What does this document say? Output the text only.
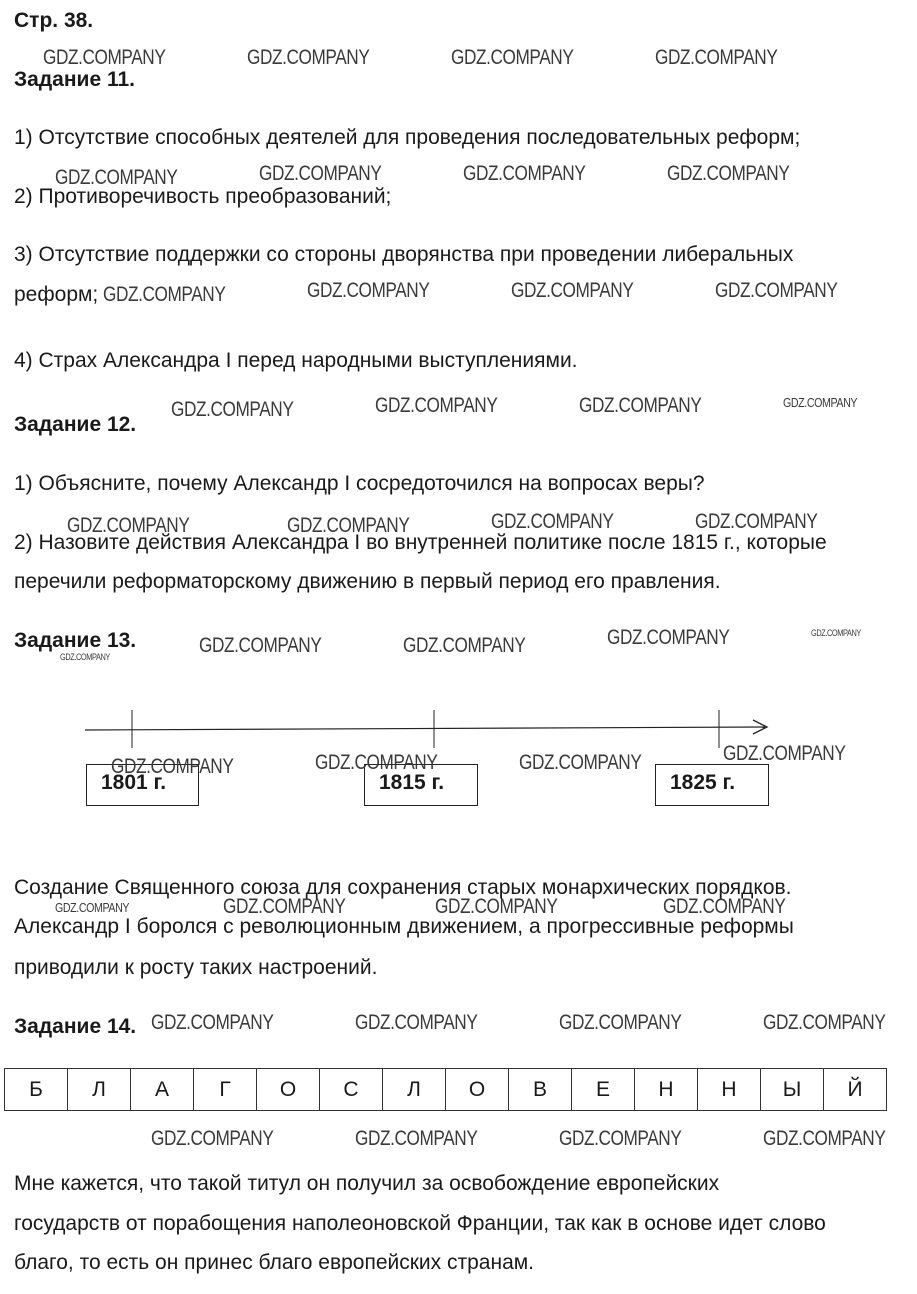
Стр. 38.
Задание 11.
1) Отсутствие способных деятелей для проведения последовательных реформ;
2) Противоречивость преобразований;
3) Отсутствие поддержки со стороны дворянства при проведении либеральных
реформ;
4) Страх Александра I перед народными выступлениями.
Задание 12.
1) Объясните, почему Александр I сосредоточился на вопросах веры?
2) Назовите действия Александра I во внутренней политике после 1815 г., которые
перечили реформаторскому движению в первый период его правления.
Задание 13.
1801 г.	1815 г.	1825 г.
Создание Священного союза для сохранения старых монархических порядков.
Александр I боролся с революционным движением, а прогрессивные реформы
приводили к росту таких настроений.
Задание 14.
Б	Л	А	Г	О	С	Л	О	В	Е	Н	Н	Ы	Й
Мне кажется, что такой титул он получил за освобождение европейских
государств от порабощения наполеоновской Франции, так как в основе идет слово
благо, то есть он принес благо европейских странам.
GDZ.COMPANY	GDZ.COMPANY	GDZ.COMPANY	GDZ.COMPANY
GDZ.COMPANY	GDZ.COMPANY	GDZ.COMPANY	GDZ.COMPANY
GDZ.COMPANY	GDZ.COMPANY	GDZ.COMPANY	GDZ.COMPANY
GDZ.COMPANY	GDZ.COMPANY	GDZ.COMPANY	GDZ.COMPANY
GDZ.COMPANY	GDZ.COMPANY	GDZ.COMPANY	GDZ.COMPANY
GDZ.COMPANY	GDZ.COMPANY	GDZ.COMPANY	GDZ.COMPANY	GDZ.COMPANY
GDZ.COMPANY	GDZ.COMPANY	GDZ.COMPANY	GDZ.COMPANY
GDZ.COMPANY	GDZ.COMPANY	GDZ.COMPANY	GDZ.COMPANY
GDZ.COMPANY	GDZ.COMPANY	GDZ.COMPANY	GDZ.COMPANY
GDZ.COMPANY	GDZ.COMPANY	GDZ.COMPANY	GDZ.COMPANY
